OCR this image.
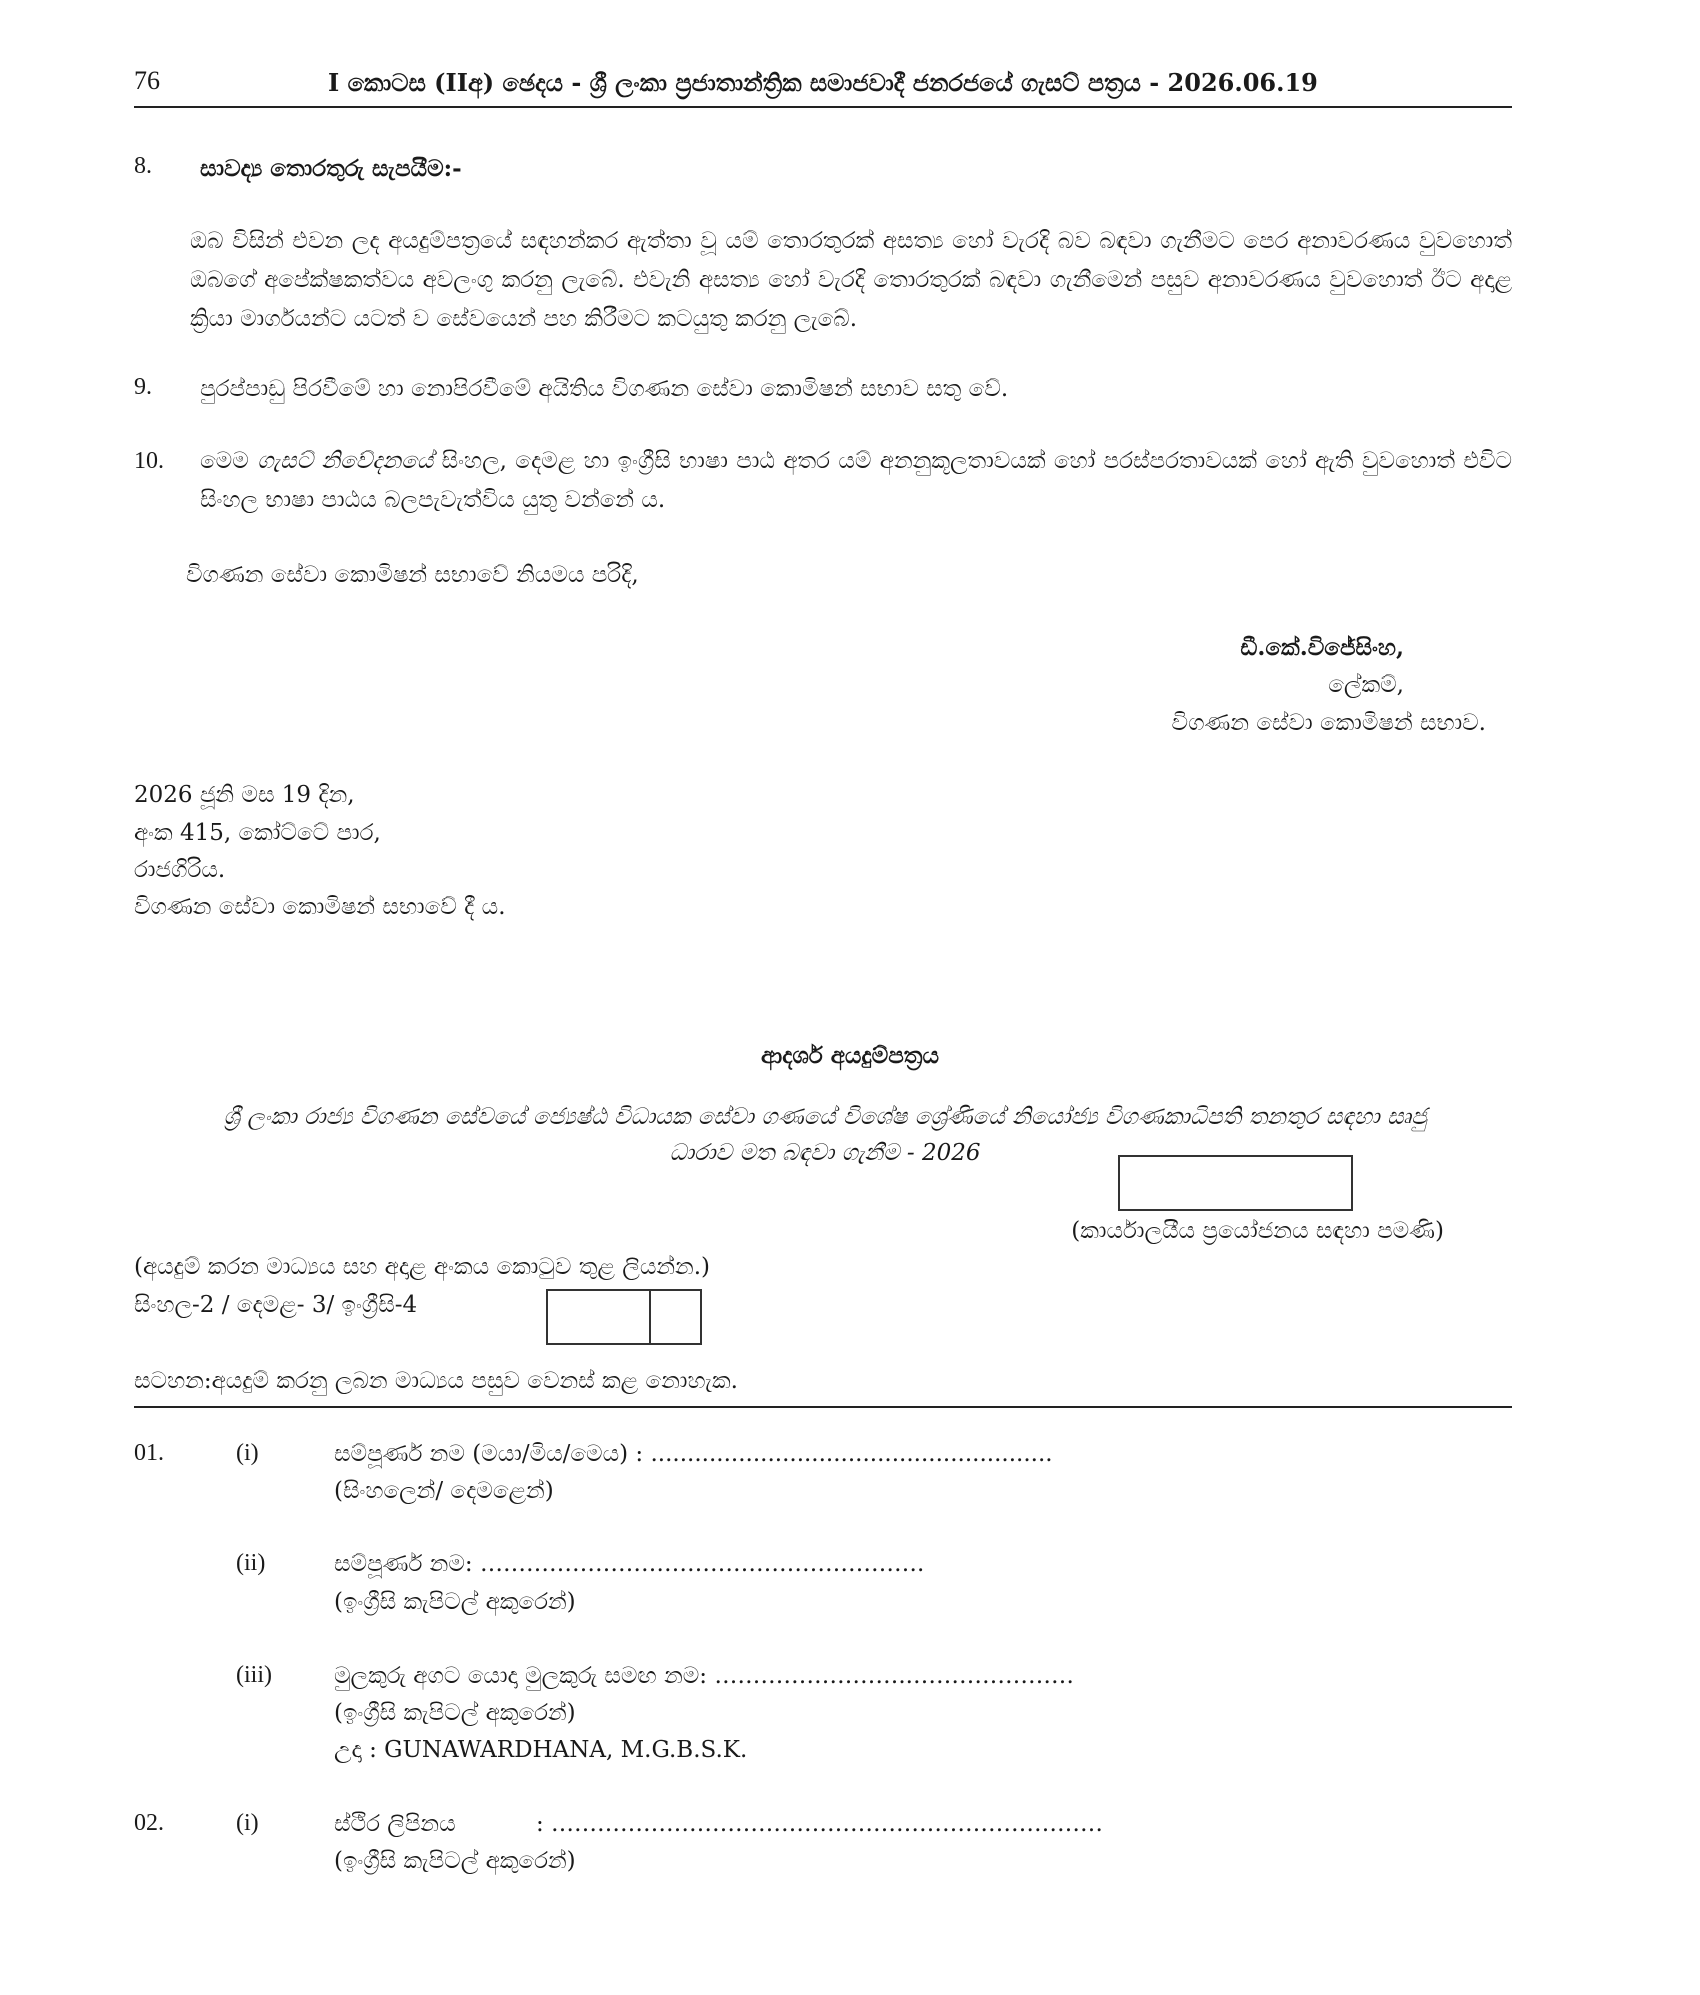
76	I කොටස (IIඅ) ඡෙදය - ශ්‍රී ලංකා ප්‍රජාතාන්ත්‍රික සමාජවාදී ජනරජයේ ගැසට් පත්‍රය - 2026.06.19
8. සාවද්‍ය තොරතුරු සැපයීම:-
ඔබ විසින් එවන ලද අයදුම්පත්‍රයේ සඳහන්කර ඇත්තා වූ යම් තොරතුරක් අසත්‍ය හෝ වැරදි බව බඳවා ගැනීමට පෙර අනාවරණය වුවහොත් ඔබගේ අපේක්ෂකත්වය අවලංගු කරනු ලැබේ. එවැනි අසත්‍ය හෝ වැරදි තොරතුරක් බඳවා ගැනීමෙන් පසුව අනාවරණය වුවහොත් ඊට අදාළ ක්‍රියා මාර්ගයන්ට යටත් ව සේවයෙන් පහ කිරීමට කටයුතු කරනු ලැබේ.
9. පුරප්පාඩු පිරවීමේ හා නොපිරවීමේ අයිතිය විගණන සේවා කොමිෂන් සභාව සතු වේ.
10. මෙම ගැසට් නිවේදනයේ සිංහල, දෙමළ හා ඉංග්‍රීසි භාෂා පාඨ අතර යම් අනනුකූලතාවයක් හෝ පරස්පරතාවයක් හෝ ඇති වුවහොත් එවිට සිංහල භාෂා පාඨය බලපැවැත්විය යුතු වන්නේ ය.
විගණන සේවා කොමිෂන් සභාවේ නියමය පරිදි,
ඩී.කේ.විජේසිංහ,
ලේකම්,
විගණන සේවා කොමිෂන් සභාව.
2026 ජූනි මස 19 දින,
අංක 415, කෝට්ටේ පාර,
රාජගිරිය.
විගණන සේවා කොමිෂන් සභාවේ දී ය.
ආදර්ශ අයදුම්පත්‍රය
ශ්‍රී ලංකා රාජ්‍ය විගණන සේවයේ ජ්‍යෙෂ්ඨ විධායක සේවා ගණයේ විශේෂ ශ්‍රේණියේ නියෝජ්‍ය විගණකාධිපති තනතුර සඳහා සෘජු
ධාරාව මත බඳවා ගැනීම - 2026
(කාර්යාලයීය ප්‍රයෝජනය සඳහා පමණි)
(අයදුම් කරන මාධ්‍යය සහ අදාළ අංකය කොටුව තුළ ලියන්න.)
සිංහල-2 / දෙමළ- 3/ ඉංග්‍රීසි-4
සටහන:අයදුම් කරනු ලබන මාධ්‍යය පසුව වෙනස් කළ නොහැක.
01.	(i)	සම්පූර්ණ නම (මයා/මිය/මෙය) : .......................................................
(සිංහලෙන්/ දෙමළෙන්)
(ii)	සම්පූර්ණ නම: ………………………………………………….
(ඉංග්‍රීසි කැපිටල් අකුරෙන්)
(iii)	මුලකුරු අගට යොදා මුලකුරු සමඟ නම: ……………………..…………………
(ඉංග්‍රීසි කැපිටල් අකුරෙන්)
උදා : GUNAWARDHANA, M.G.B.S.K.
02.	(i)	ස්ථිර ලිපිනය	: ………………………………………………………………
(ඉංග්‍රීසි කැපිටල් අකුරෙන්)
